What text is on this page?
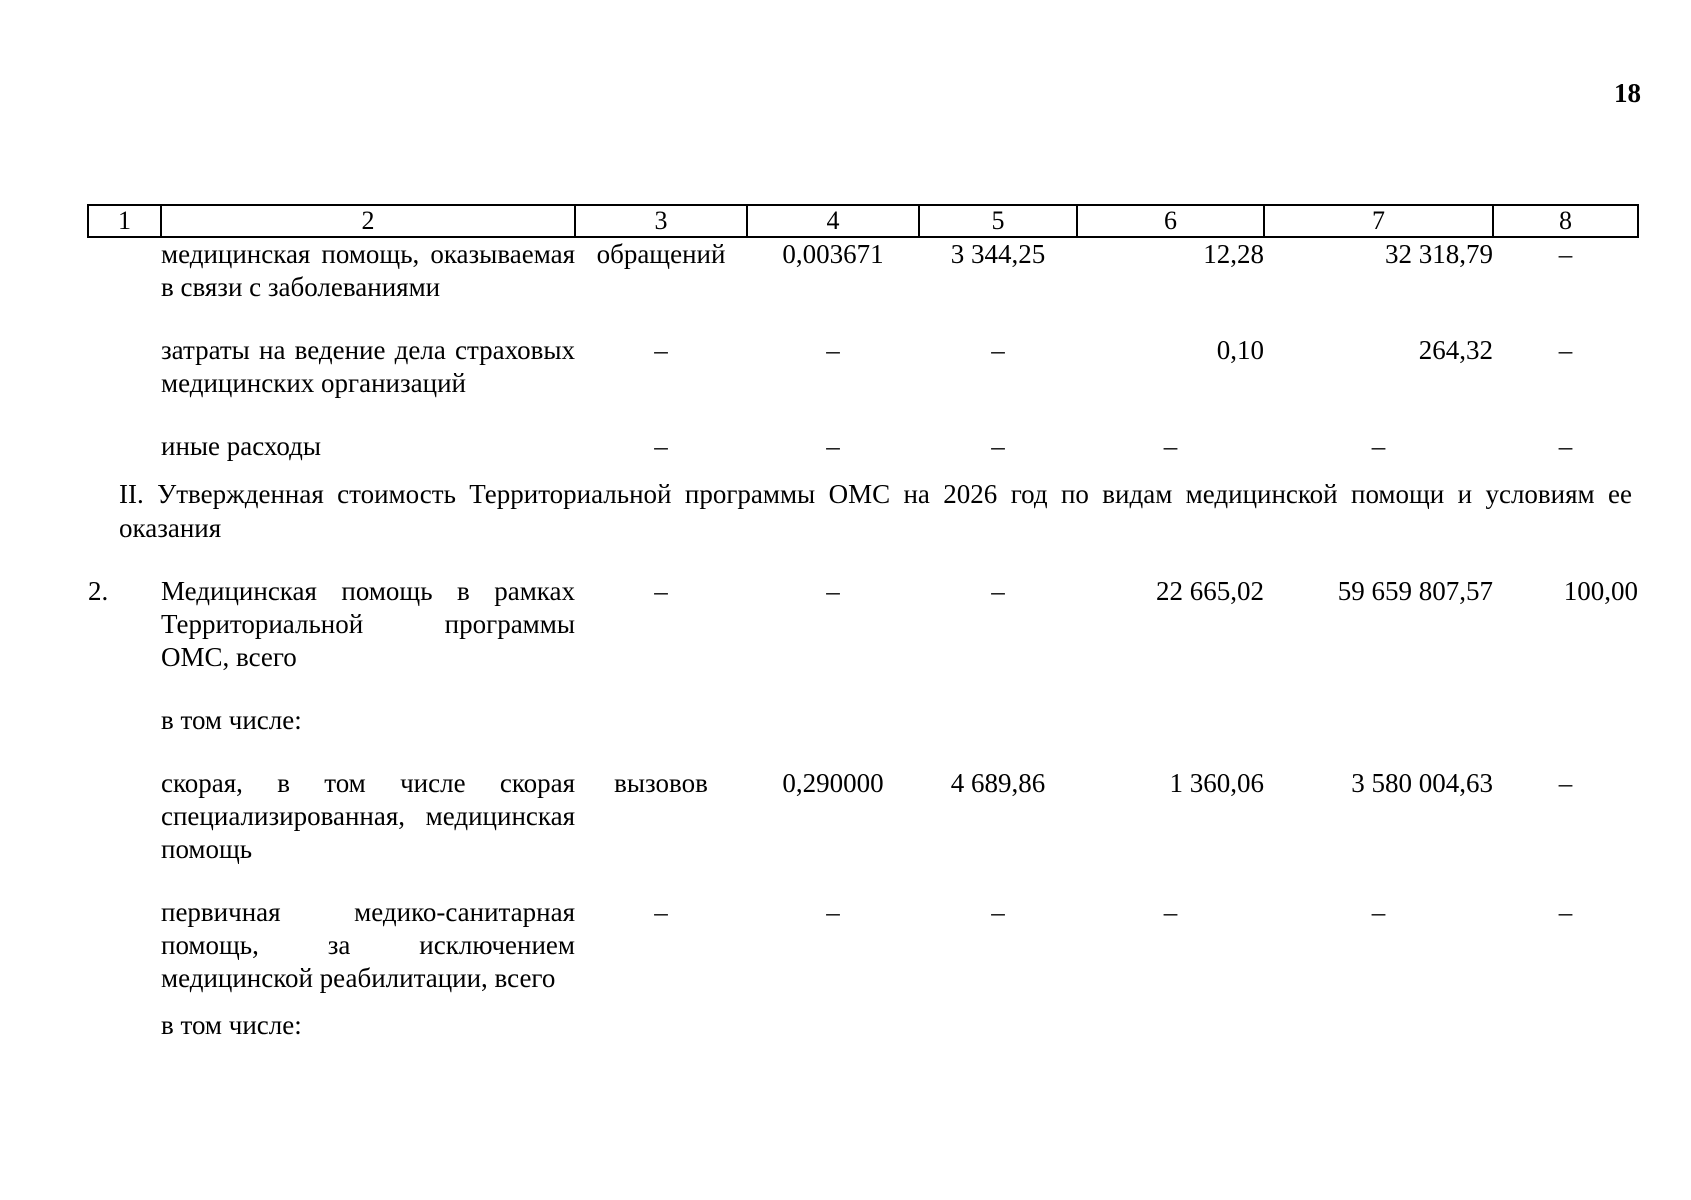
18
1	2	3	4	5	6	7	8
	медицинская помощь, оказываемая в связи с заболеваниями	обращений	0,003671	3 344,25	12,28	32 318,79	–

	затраты на ведение дела страховых медицинских организаций	–	–	–	0,10	264,32	–

	иные расходы	–	–	–	–	–	–

II. Утвержденная стоимость Территориальной программы ОМС на 2026 год по видам медицинской помощи и условиям ее оказания							

2.	Медицинская помощь в рамках Территориальной программы ОМС, всего	–	–	–	22 665,02	59 659 807,57	100,00

	в том числе:						

	скорая, в том числе скорая специализированная, медицинская помощь	вызовов	0,290000	4 689,86	1 360,06	3 580 004,63	–

	первичная медико-санитарная помощь, за исключением медицинской реабилитации, всего	–	–	–	–	–	–

	в том числе:						
